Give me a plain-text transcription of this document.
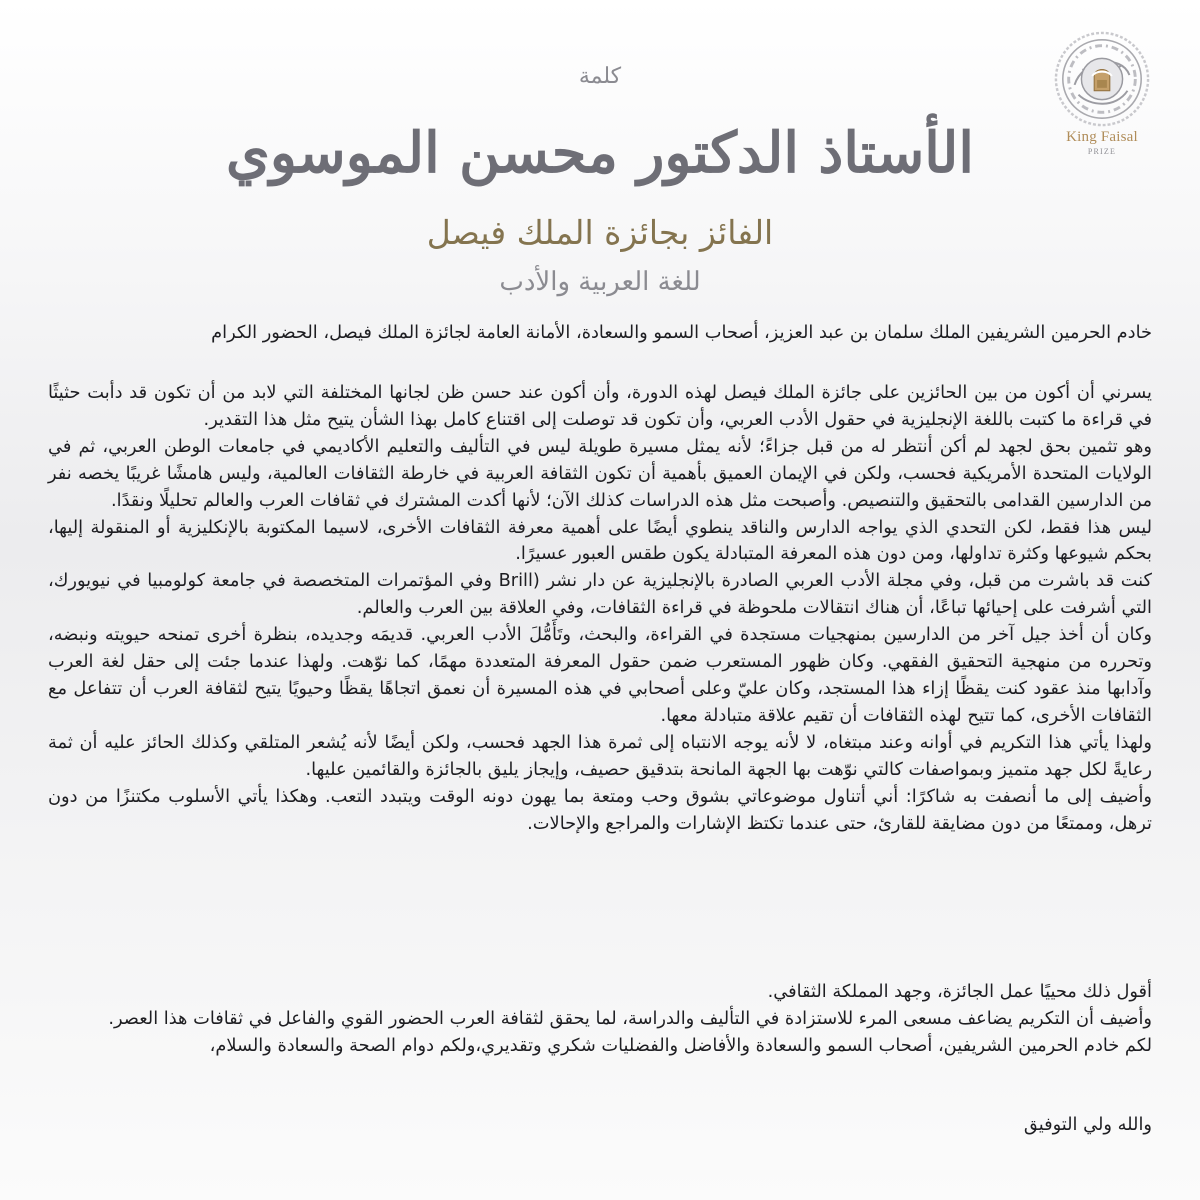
King Faisal
PRIZE
كلمة
الأستاذ الدكتور محسن الموسوي
الفائز بجائزة الملك فيصل
للغة العربية والأدب
خادم الحرمين الشريفين الملك سلمان بن عبد العزيز، أصحاب السمو والسعادة، الأمانة العامة لجائزة الملك فيصل، الحضور الكرام

يسرني أن أكون من بين الحائزين على جائزة الملك فيصل لهذه الدورة، وأن أكون عند حسن ظن لجانها المختلفة التي لابد من أن تكون قد دأبت حثيثًا في قراءة ما كتبت باللغة الإنجليزية في حقول الأدب العربي، وأن تكون قد توصلت إلى اقتناع كامل بهذا الشأن يتيح مثل هذا التقدير.

وهو تثمين بحق لجهد لم أكن أنتظر له من قبل جزاءً؛ لأنه يمثل مسيرة طويلة ليس في التأليف والتعليم الأكاديمي في جامعات الوطن العربي، ثم في الولايات المتحدة الأمريكية فحسب، ولكن في الإيمان العميق بأهمية أن تكون الثقافة العربية في خارطة الثقافات العالمية، وليس هامشًا غريبًا يخصه نفر من الدارسين القدامى بالتحقيق والتنصيص. وأصبحت مثل هذه الدراسات كذلك الآن؛ لأنها أكدت المشترك في ثقافات العرب والعالم تحليلًا ونقدًا.

ليس هذا فقط، لكن التحدي الذي يواجه الدارس والناقد ينطوي أيضًا على أهمية معرفة الثقافات الأخرى، لاسيما المكتوبة بالإنكليزية أو المنقولة إليها، بحكم شيوعها وكثرة تداولها، ومن دون هذه المعرفة المتبادلة يكون طقس العبور عسيرًا.

كنت قد باشرت من قبل، وفي مجلة الأدب العربي الصادرة بالإنجليزية عن دار نشر (Brill وفي المؤتمرات المتخصصة في جامعة كولومبيا في نيويورك، التي أشرفت على إحيائها تباعًا، أن هناك انتقالات ملحوظة في قراءة الثقافات، وفي العلاقة بين العرب والعالم.

وكان أن أخذ جيل آخر من الدارسين بمنهجيات مستجدة في القراءة، والبحث، وتَأَمُّلَ الأدب العربي. قديمَه وجديده، بنظرة أخرى تمنحه حيويته ونبضه، وتحرره من منهجية التحقيق الفقهي. وكان ظهور المستعرب ضمن حقول المعرفة المتعددة مهمًا، كما نوّهت. ولهذا عندما جئت إلى حقل لغة العرب وآدابها منذ عقود كنت يقظًا إزاء هذا المستجد، وكان عليّ وعلى أصحابي في هذه المسيرة أن نعمق اتجاهًا يقظًا وحيويًا يتيح لثقافة العرب أن تتفاعل مع الثقافات الأخرى، كما تتيح لهذه الثقافات أن تقيم علاقة متبادلة معها.

ولهذا يأتي هذا التكريم في أوانه وعند مبتغاه، لا لأنه يوجه الانتباه إلى ثمرة هذا الجهد فحسب، ولكن أيضًا لأنه يُشعر المتلقي وكذلك الحائز عليه أن ثمة رعايةً لكل جهد متميز وبمواصفات كالتي نوّهت بها الجهة المانحة بتدقيق حصيف، وإيجاز يليق بالجائزة والقائمين عليها.

وأضيف إلى ما أنصفت به شاكرًا: أني أتناول موضوعاتي بشوق وحب ومتعة بما يهون دونه الوقت ويتبدد التعب. وهكذا يأتي الأسلوب مكتنزًا من دون ترهل، وممتعًا من دون مضايقة للقارئ، حتى عندما تكتظ الإشارات والمراجع والإحالات.

أقول ذلك محييًا عمل الجائزة، وجهد المملكة الثقافي.

وأضيف أن التكريم يضاعف مسعى المرء للاستزادة في التأليف والدراسة، لما يحقق لثقافة العرب الحضور القوي والفاعل في ثقافات هذا العصر.

لكم خادم الحرمين الشريفين، أصحاب السمو والسعادة والأفاضل والفضليات شكري وتقديري،ولكم دوام الصحة والسعادة والسلام،

والله ولي التوفيق
